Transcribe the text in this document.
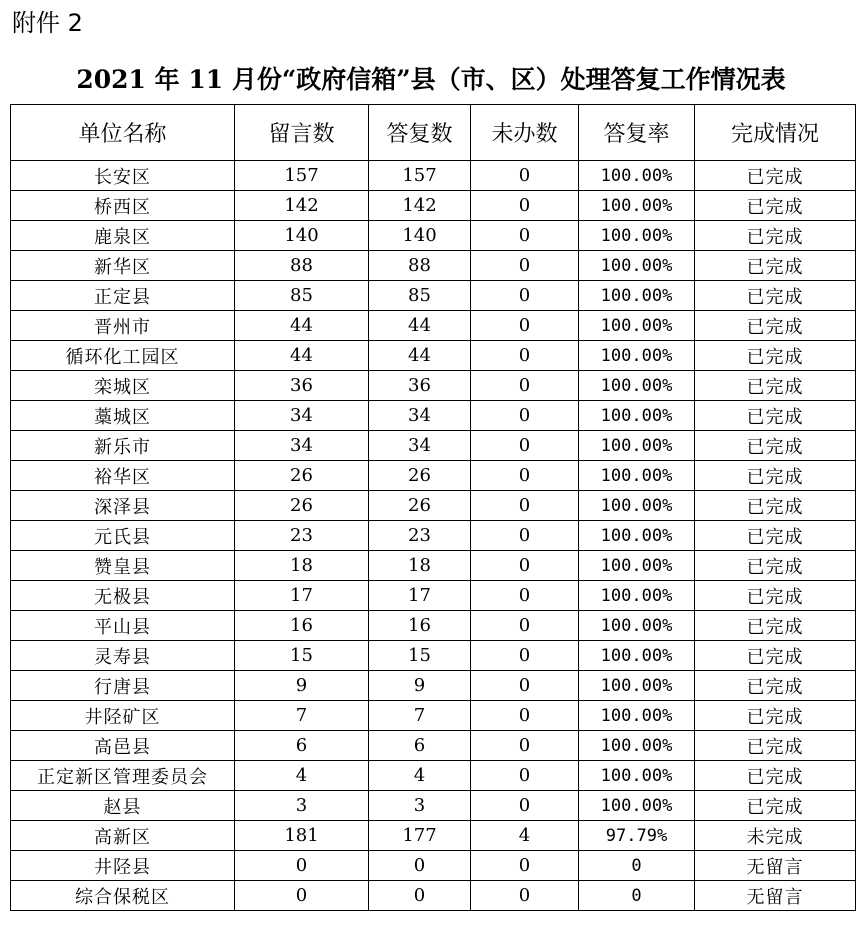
附件 2
2021 年 11 月份“政府信箱”县（市、区）处理答复工作情况表
单位名称	留言数	答复数	未办数	答复率	完成情况
长安区	157	157	0	100.00%	已完成
桥西区	142	142	0	100.00%	已完成
鹿泉区	140	140	0	100.00%	已完成
新华区	88	88	0	100.00%	已完成
正定县	85	85	0	100.00%	已完成
晋州市	44	44	0	100.00%	已完成
循环化工园区	44	44	0	100.00%	已完成
栾城区	36	36	0	100.00%	已完成
藁城区	34	34	0	100.00%	已完成
新乐市	34	34	0	100.00%	已完成
裕华区	26	26	0	100.00%	已完成
深泽县	26	26	0	100.00%	已完成
元氏县	23	23	0	100.00%	已完成
赞皇县	18	18	0	100.00%	已完成
无极县	17	17	0	100.00%	已完成
平山县	16	16	0	100.00%	已完成
灵寿县	15	15	0	100.00%	已完成
行唐县	9	9	0	100.00%	已完成
井陉矿区	7	7	0	100.00%	已完成
高邑县	6	6	0	100.00%	已完成
正定新区管理委员会	4	4	0	100.00%	已完成
赵县	3	3	0	100.00%	已完成
高新区	181	177	4	97.79%	未完成
井陉县	0	0	0	0	无留言
综合保税区	0	0	0	0	无留言
